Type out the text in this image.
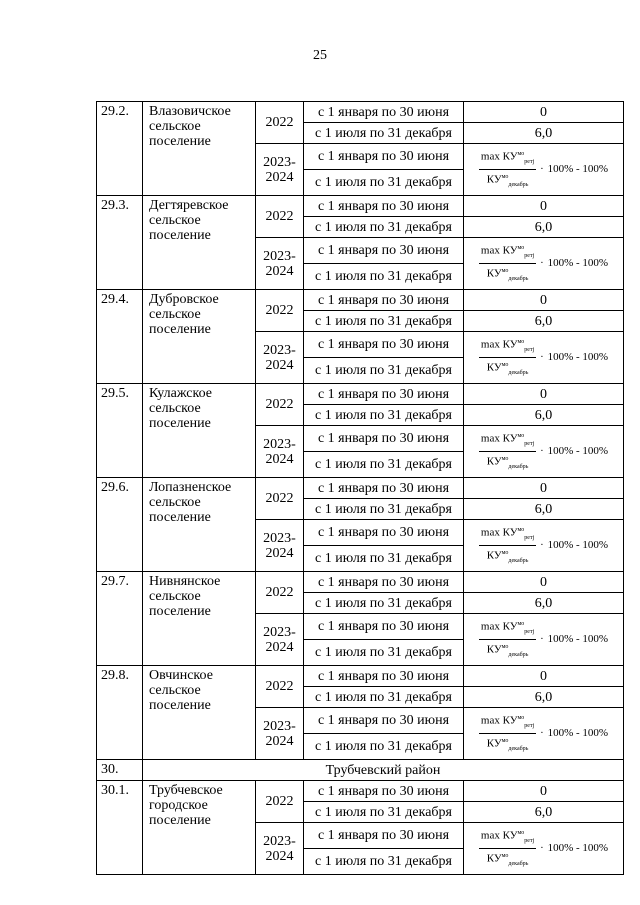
25
29.2.	Влазовичское сельское поселение	2022	с 1 января по 30 июня	0
			с 1 июля по 31 декабря	6,0
		2023-2024	с 1 января по 30 июня	$\frac{\max КУ^{мо}_{ретj}}{КУ^{мо}_{декабрь}} \cdot 100\% - 100\%$

			с 1 июля по 31 декабря	
29.3.	Дегтяревское сельское поселение	2022	с 1 января по 30 июня	0
			с 1 июля по 31 декабря	6,0
		2023-2024	с 1 января по 30 июня	$\frac{\max КУ^{мо}_{ретj}}{КУ^{мо}_{декабрь}} \cdot 100\% - 100\%$

			с 1 июля по 31 декабря	
29.4.	Дубровское сельское поселение	2022	с 1 января по 30 июня	0
			с 1 июля по 31 декабря	6,0
		2023-2024	с 1 января по 30 июня	$\frac{\max КУ^{мо}_{ретj}}{КУ^{мо}_{декабрь}} \cdot 100\% - 100\%$

			с 1 июля по 31 декабря	
29.5.	Кулажское сельское поселение	2022	с 1 января по 30 июня	0
			с 1 июля по 31 декабря	6,0
		2023-2024	с 1 января по 30 июня	$\frac{\max КУ^{мо}_{ретj}}{КУ^{мо}_{декабрь}} \cdot 100\% - 100\%$

			с 1 июля по 31 декабря	
29.6.	Лопазненское сельское поселение	2022	с 1 января по 30 июня	0
			с 1 июля по 31 декабря	6,0
		2023-2024	с 1 января по 30 июня	$\frac{\max КУ^{мо}_{ретj}}{КУ^{мо}_{декабрь}} \cdot 100\% - 100\%$

			с 1 июля по 31 декабря	
29.7.	Нивнянское сельское поселение	2022	с 1 января по 30 июня	0
			с 1 июля по 31 декабря	6,0
		2023-2024	с 1 января по 30 июня	$\frac{\max КУ^{мо}_{ретj}}{КУ^{мо}_{декабрь}} \cdot 100\% - 100\%$

			с 1 июля по 31 декабря	
29.8.	Овчинское сельское поселение	2022	с 1 января по 30 июня	0
			с 1 июля по 31 декабря	6,0
		2023-2024	с 1 января по 30 июня	$\frac{\max КУ^{мо}_{ретj}}{КУ^{мо}_{декабрь}} \cdot 100\% - 100\%$

			с 1 июля по 31 декабря	
30.	Трубчевский район			
30.1.	Трубчевское городское поселение	2022	с 1 января по 30 июня	0
			с 1 июля по 31 декабря	6,0
		2023-2024	с 1 января по 30 июня	$\frac{\max КУ^{мо}_{ретj}}{КУ^{мо}_{декабрь}} \cdot 100\% - 100\%$

			с 1 июля по 31 декабря	
